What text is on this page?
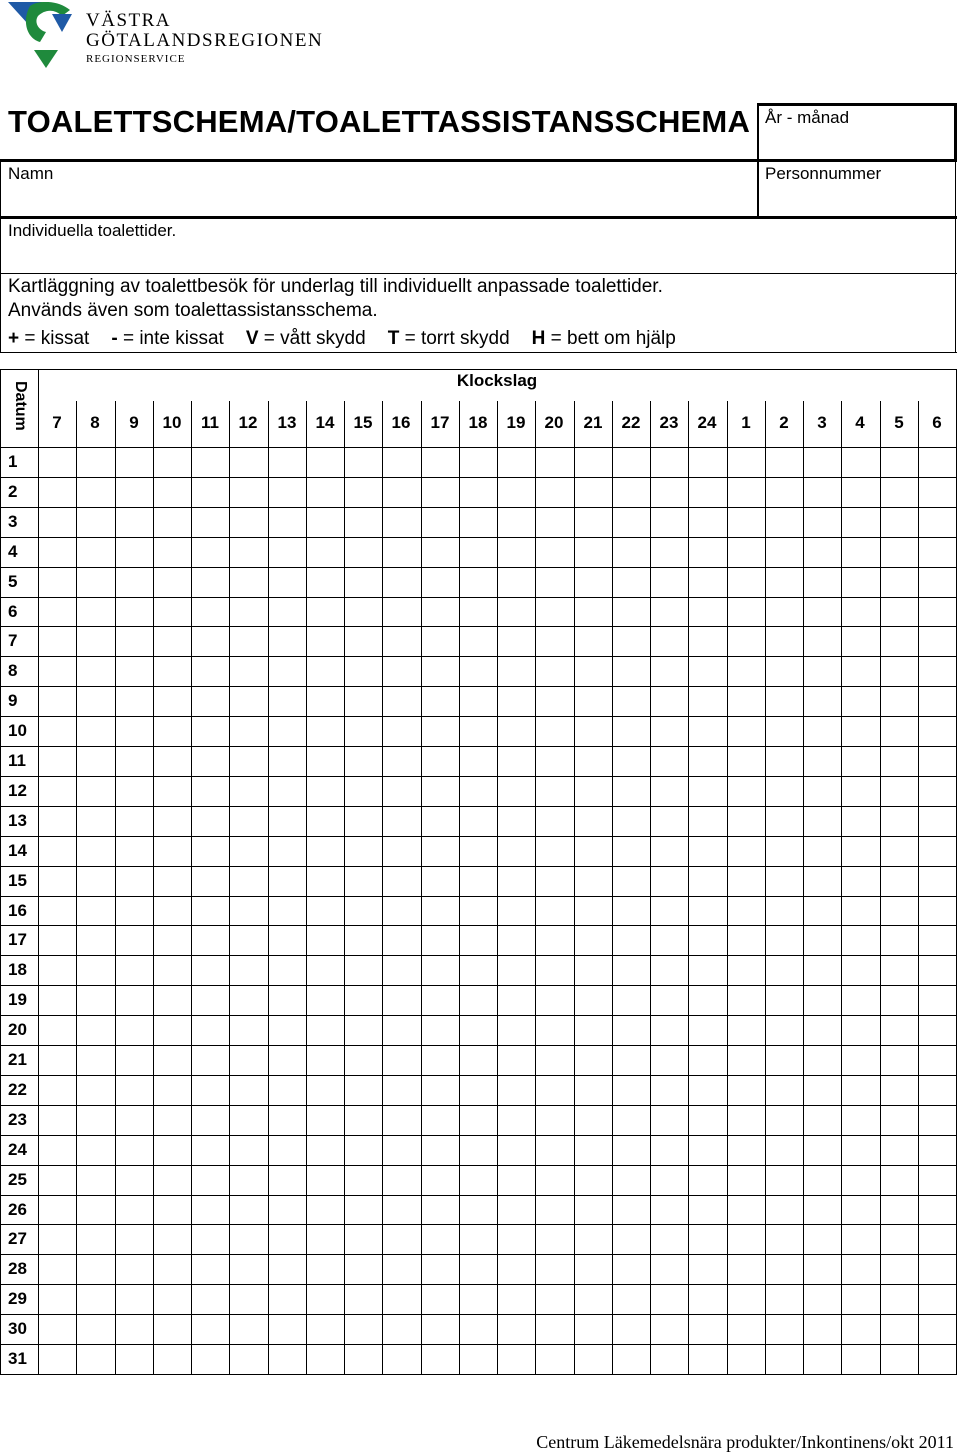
VÄSTRA
GÖTALANDSREGIONEN
REGIONSERVICE
TOALETTSCHEMA/TOALETTASSISTANSSCHEMA År - månad
Namn	Personnummer
Individuella toalettider.
Kartläggning av toalettbesök för underlag till individuellt anpassade toalettider.
Används även som toalettassistansschema.
+ = kissat - = inte kissat V = vått skydd T = torrt skydd H = bett om hjälp
Klockslag
Datum	7	8	9	10	11	12	13	14	15	16	17	18	19	20	21	22	23	24	1	2	3	4	5	6
1
2
3
4
5
6
7
8
9
10
11
12
13
14
15
16
17
18
19
20
21
22
23
24
25
26
27
28
29
30
31
Centrum Läkemedelsnära produkter/Inkontinens/okt 2011
